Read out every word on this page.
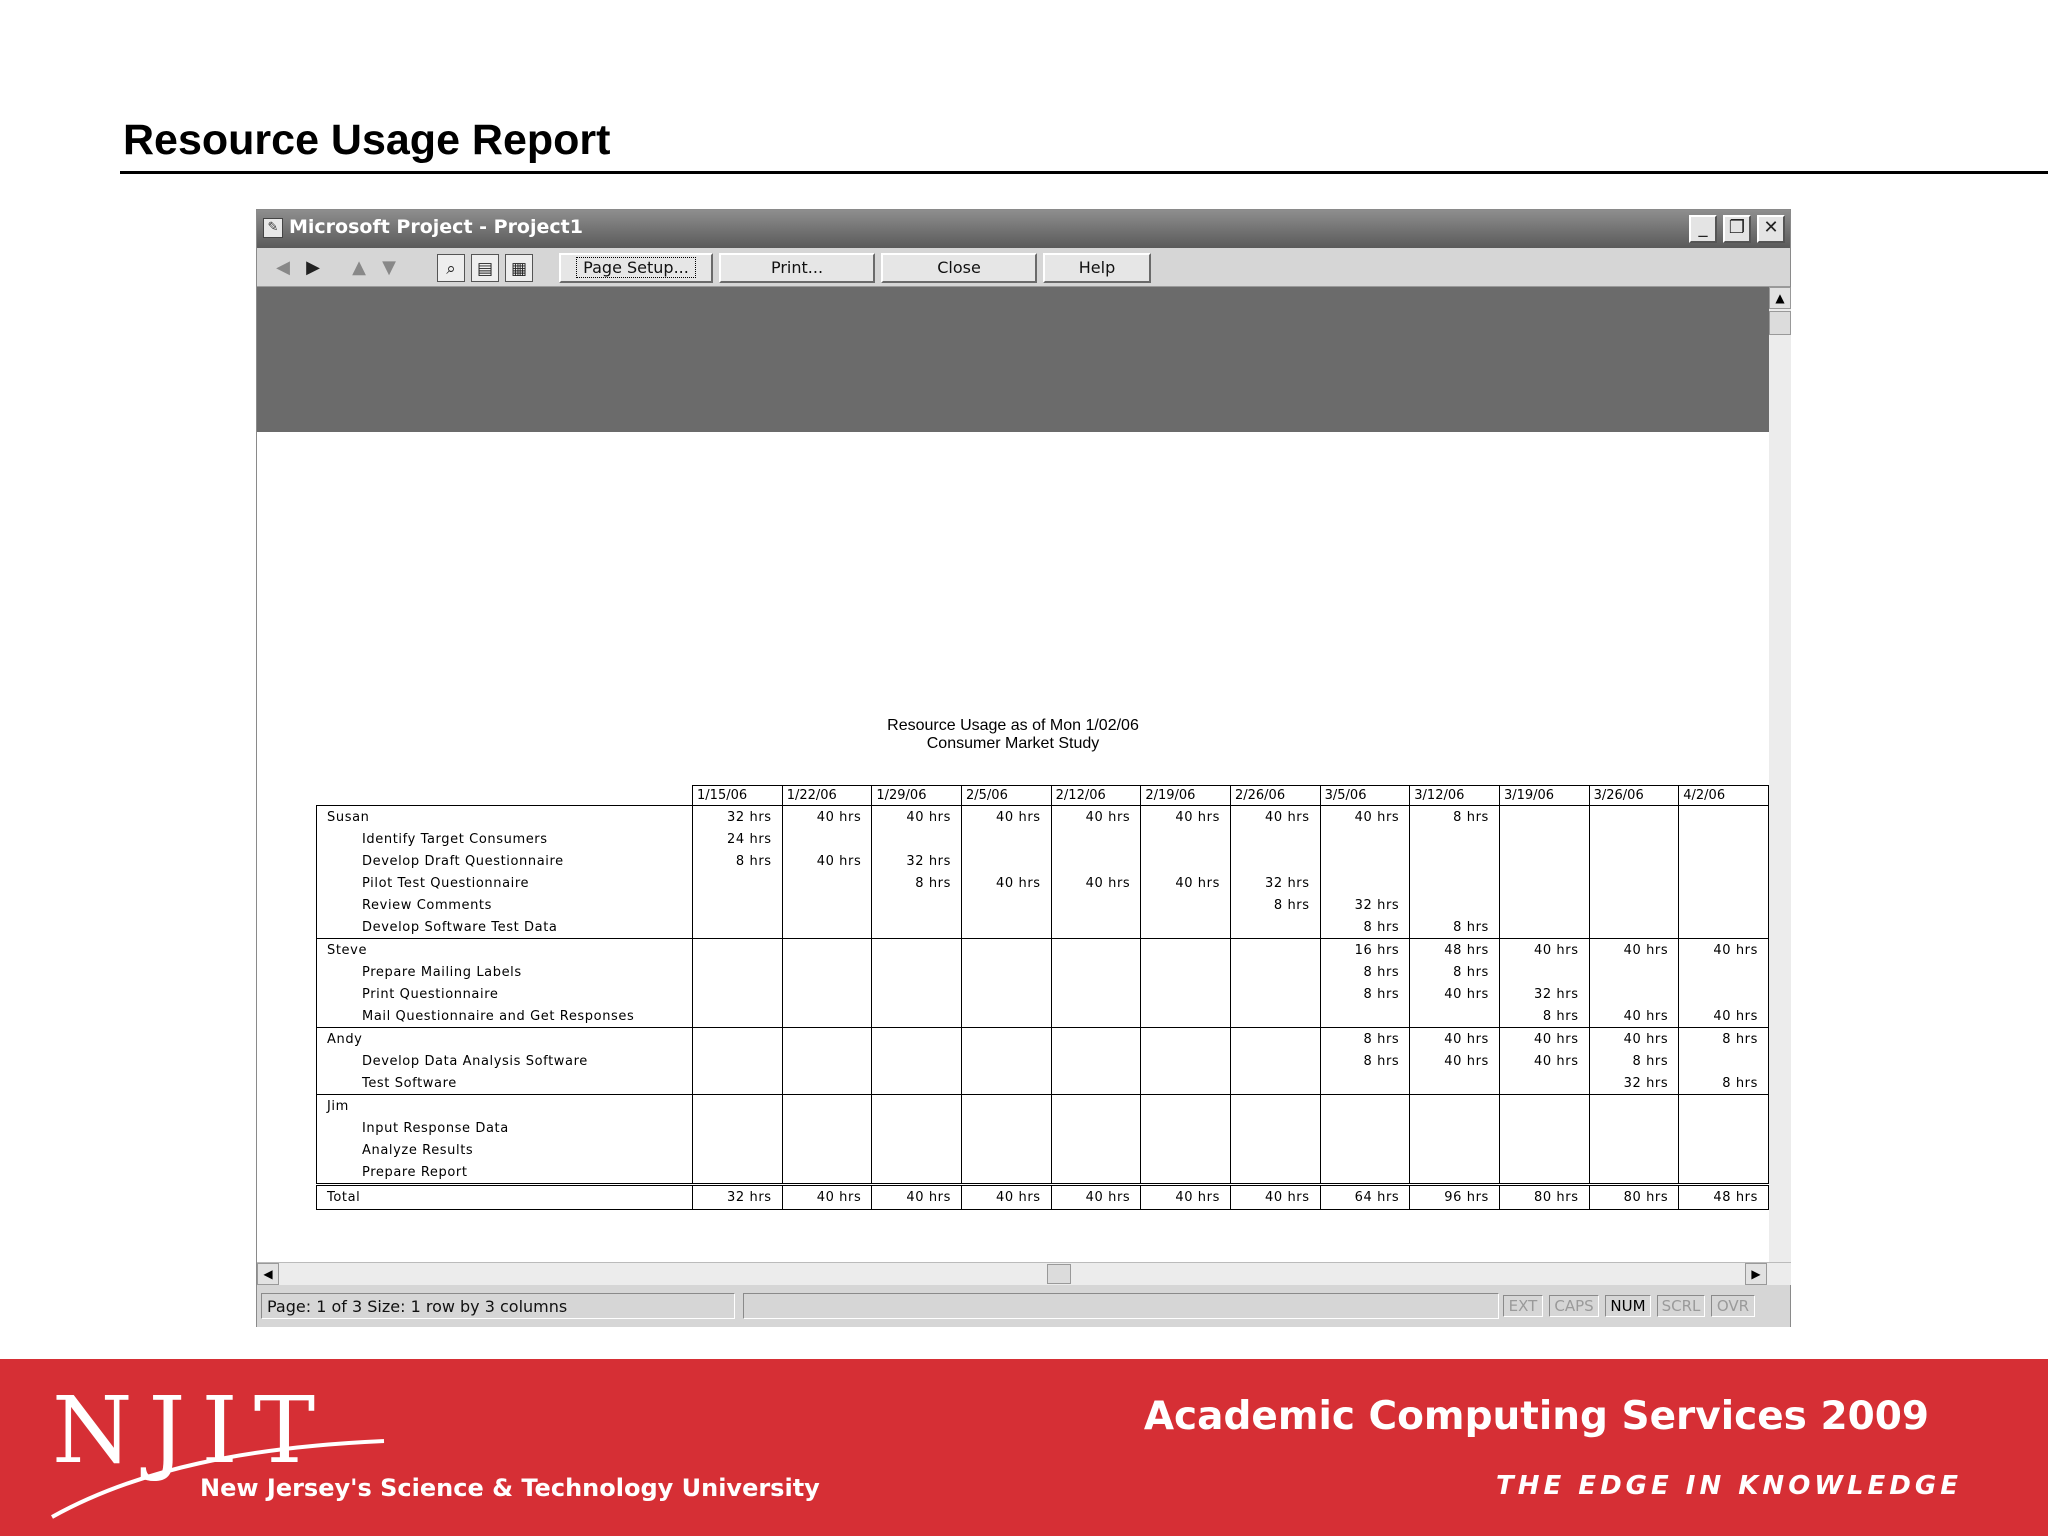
Resource Usage Report
✎ Microsoft Project - Project1	_	❐	✕
◀ ▶	▲ ▼	⌕	▤	▦	Page Setup...	Print...	Close	Help
Resource Usage as of Mon 1/02/06
Consumer Market Study
	1/15/06	1/22/06	1/29/06	2/5/06	2/12/06	2/19/06	2/26/06	3/5/06	3/12/06	3/19/06	3/26/06	4/2/06
Susan	32 hrs	40 hrs	40 hrs	40 hrs	40 hrs	40 hrs	40 hrs	40 hrs	8 hrs			
Identify Target Consumers	24 hrs											
Develop Draft Questionnaire	8 hrs	40 hrs	32 hrs									
Pilot Test Questionnaire			8 hrs	40 hrs	40 hrs	40 hrs	32 hrs					
Review Comments							8 hrs	32 hrs				
Develop Software Test Data								8 hrs	8 hrs			
Steve								16 hrs	48 hrs	40 hrs	40 hrs	40 hrs
Prepare Mailing Labels								8 hrs	8 hrs			
Print Questionnaire								8 hrs	40 hrs	32 hrs		
Mail Questionnaire and Get Responses										8 hrs	40 hrs	40 hrs
Andy								8 hrs	40 hrs	40 hrs	40 hrs	8 hrs
Develop Data Analysis Software								8 hrs	40 hrs	40 hrs	8 hrs	
Test Software											32 hrs	8 hrs
Jim												
Input Response Data												
Analyze Results												
Prepare Report												
Total	32 hrs	40 hrs	40 hrs	40 hrs	40 hrs	40 hrs	40 hrs	64 hrs	96 hrs	80 hrs	80 hrs	48 hrs
▲
◀	▶
Page: 1 of 3 Size: 1 row by 3 columns	EXT	CAPS	NUM	SCRL	OVR
NJIT
New Jersey's Science & Technology University
Academic Computing Services 2009
THE EDGE IN KNOWLEDGE
